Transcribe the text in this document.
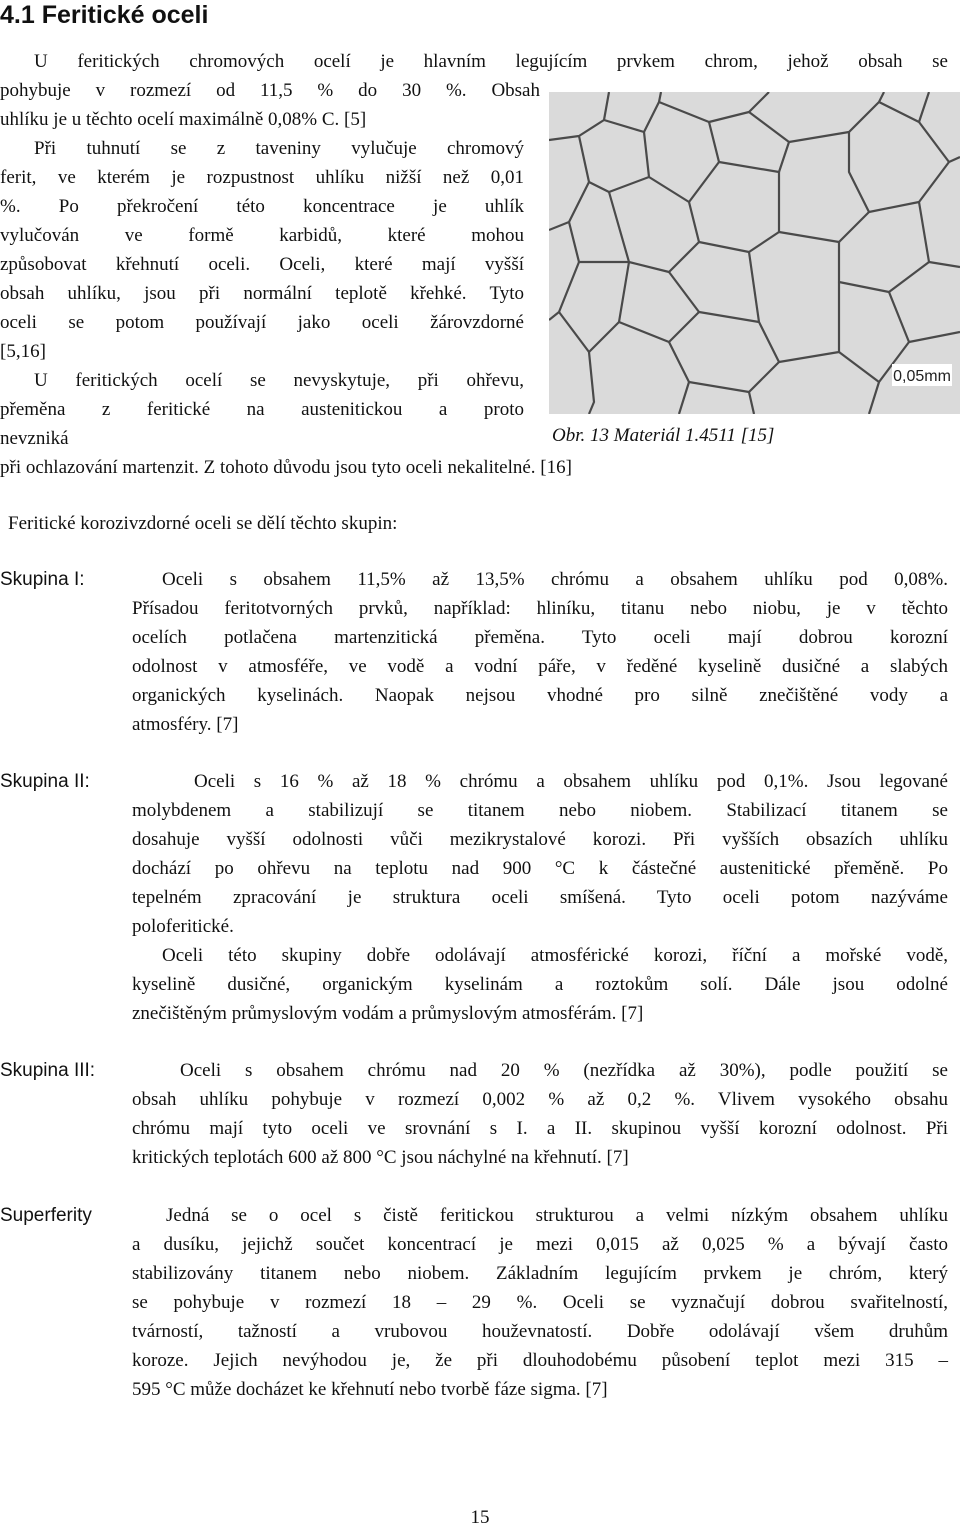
4.1 Feritické oceli
U feritických chromových ocelí je hlavním legujícím prvkem chrom, jehož obsah se
pohybuje v rozmezí od 11,5 % do 30 %. Obsah
uhlíku je u těchto ocelí maximálně 0,08% C. [5]
Při tuhnutí se z taveniny vylučuje chromový
ferit, ve kterém je rozpustnost uhlíku nižší než 0,01
%. Po překročení této koncentrace je uhlík
vylučován ve formě karbidů, které mohou
způsobovat křehnutí oceli. Oceli, které mají vyšší
obsah uhlíku, jsou při normální teplotě křehké. Tyto
oceli se potom používají jako oceli žárovzdorné
[5,16]
U feritických ocelí se nevyskytuje, při ohřevu,
přeměna z feritické na austenitickou a proto
nevzniká
při ochlazování martenzit. Z tohoto důvodu jsou tyto oceli nekalitelné. [16]
0,05mm
Obr. 13 Materiál 1.4511 [15]
Feritické korozivzdorné oceli se dělí těchto skupin:
Skupina I:	Oceli s obsahem 11,5% až 13,5% chrómu a obsahem uhlíku pod 0,08%.
Přísadou feritotvorných prvků, například: hliníku, titanu nebo niobu, je v těchto
ocelích potlačena martenzitická přeměna. Tyto oceli mají dobrou korozní
odolnost v atmosféře, ve vodě a vodní páře, v ředěné kyselině dusičné a slabých
organických kyselinách. Naopak nejsou vhodné pro silně znečištěné vody a
atmosféry. [7]
Skupina II:	Oceli s 16 % až 18 % chrómu a obsahem uhlíku pod 0,1%. Jsou legované
molybdenem a stabilizují se titanem nebo niobem. Stabilizací titanem se
dosahuje vyšší odolnosti vůči mezikrystalové korozi. Při vyšších obsazích uhlíku
dochází po ohřevu na teplotu nad 900 °C k částečné austenitické přeměně. Po
tepelném zpracování je struktura oceli smíšená. Tyto oceli potom nazýváme
poloferitické.
Oceli této skupiny dobře odolávají atmosférické korozi, říční a mořské vodě,
kyselině dusičné, organickým kyselinám a roztokům solí. Dále jsou odolné
znečištěným průmyslovým vodám a průmyslovým atmosférám. [7]
Skupina III:	Oceli s obsahem chrómu nad 20 % (nezřídka až 30%), podle použití se
obsah uhlíku pohybuje v rozmezí 0,002 % až 0,2 %. Vlivem vysokého obsahu
chrómu mají tyto oceli ve srovnání s I. a II. skupinou vyšší korozní odolnost. Při
kritických teplotách 600 až 800 °C jsou náchylné na křehnutí. [7]
Superferity	Jedná se o ocel s čistě feritickou strukturou a velmi nízkým obsahem uhlíku
a dusíku, jejichž součet koncentrací je mezi 0,015 až 0,025 % a bývají často
stabilizovány titanem nebo niobem. Základním legujícím prvkem je chróm, který
se pohybuje v rozmezí 18 – 29 %. Oceli se vyznačují dobrou svařitelností,
tvárností, tažností a vrubovou houževnatostí. Dobře odolávají všem druhům
koroze. Jejich nevýhodou je, že při dlouhodobému působení teplot mezi 315 –
595 °C může docházet ke křehnutí nebo tvorbě fáze sigma. [7]
15
